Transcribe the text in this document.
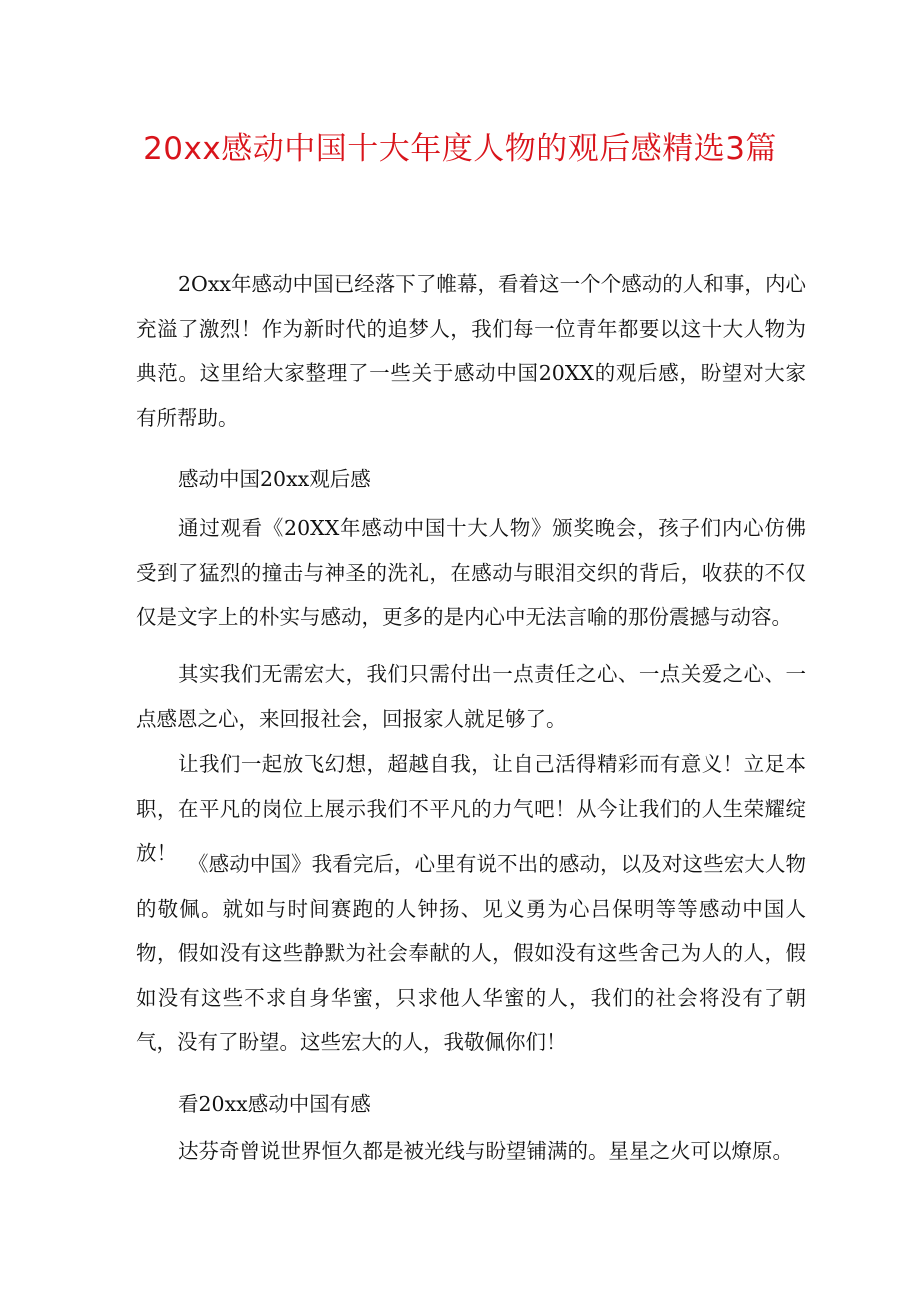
20xx感动中国十大年度人物的观后感精选3篇

2Oxx年感动中国已经落下了帷幕，看着这一个个感动的人和事，内心充溢了激烈！作为新时代的追梦人，我们每一位青年都要以这十大人物为典范。这里给大家整理了一些关于感动中国20XX的观后感，盼望对大家有所帮助。

感动中国20xx观后感

通过观看《20XX年感动中国十大人物》颁奖晚会，孩子们内心仿佛受到了猛烈的撞击与神圣的洗礼，在感动与眼泪交织的背后，收获的不仅仅是文字上的朴实与感动，更多的是内心中无法言喻的那份震撼与动容。

其实我们无需宏大，我们只需付出一点责任之心、一点关爱之心、一点感恩之心，来回报社会，回报家人就足够了。

让我们一起放飞幻想，超越自我，让自己活得精彩而有意义！立足本职，在平凡的岗位上展示我们不平凡的力气吧！从今让我们的人生荣耀绽放！ 《感动中国》我看完后，心里有说不出的感动，以及对这些宏大人物的敬佩。就如与时间赛跑的人钟扬、见义勇为心吕保明等等感动中国人物，假如没有这些静默为社会奉献的人，假如没有这些舍己为人的人，假如没有这些不求自身华蜜，只求他人华蜜的人，我们的社会将没有了朝气，没有了盼望。这些宏大的人，我敬佩你们！

看20xx感动中国有感

达芬奇曾说世界恒久都是被光线与盼望铺满的。星星之火可以燎原。
